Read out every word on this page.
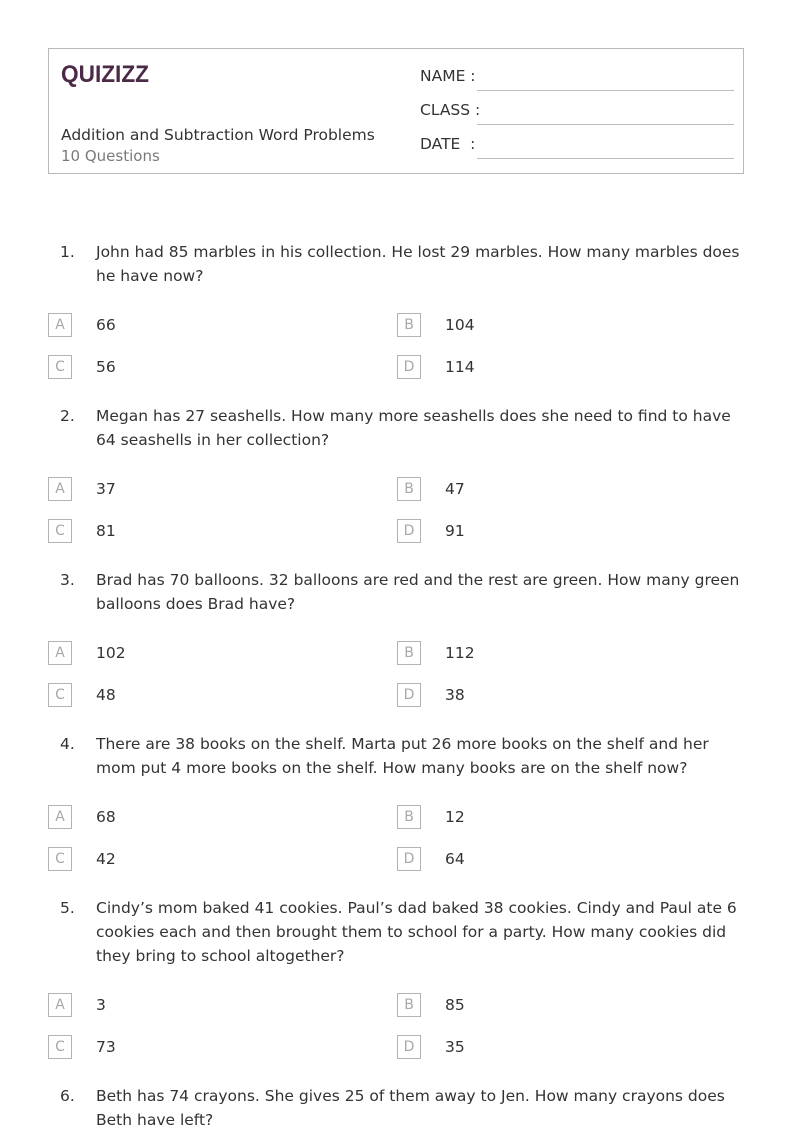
QUIZIZZ
Addition and Subtraction Word Problems
10 Questions
NAME :
CLASS :
DATE  :
1. John had 85 marbles in his collection. He lost 29 marbles. How many marbles does he have now?
A	66	B	104
C	56	D	114
2. Megan has 27 seashells. How many more seashells does she need to find to have 64 seashells in her collection?
A	37	B	47
C	81	D	91
3. Brad has 70 balloons. 32 balloons are red and the rest are green. How many green balloons does Brad have?
A	102	B	112
C	48	D	38
4. There are 38 books on the shelf. Marta put 26 more books on the shelf and her mom put 4 more books on the shelf. How many books are on the shelf now?
A	68	B	12
C	42	D	64
5. Cindy’s mom baked 41 cookies. Paul’s dad baked 38 cookies. Cindy and Paul ate 6 cookies each and then brought them to school for a party. How many cookies did they bring to school altogether?
A	3	B	85
C	73	D	35
6. Beth has 74 crayons. She gives 25 of them away to Jen. How many crayons does Beth have left?
